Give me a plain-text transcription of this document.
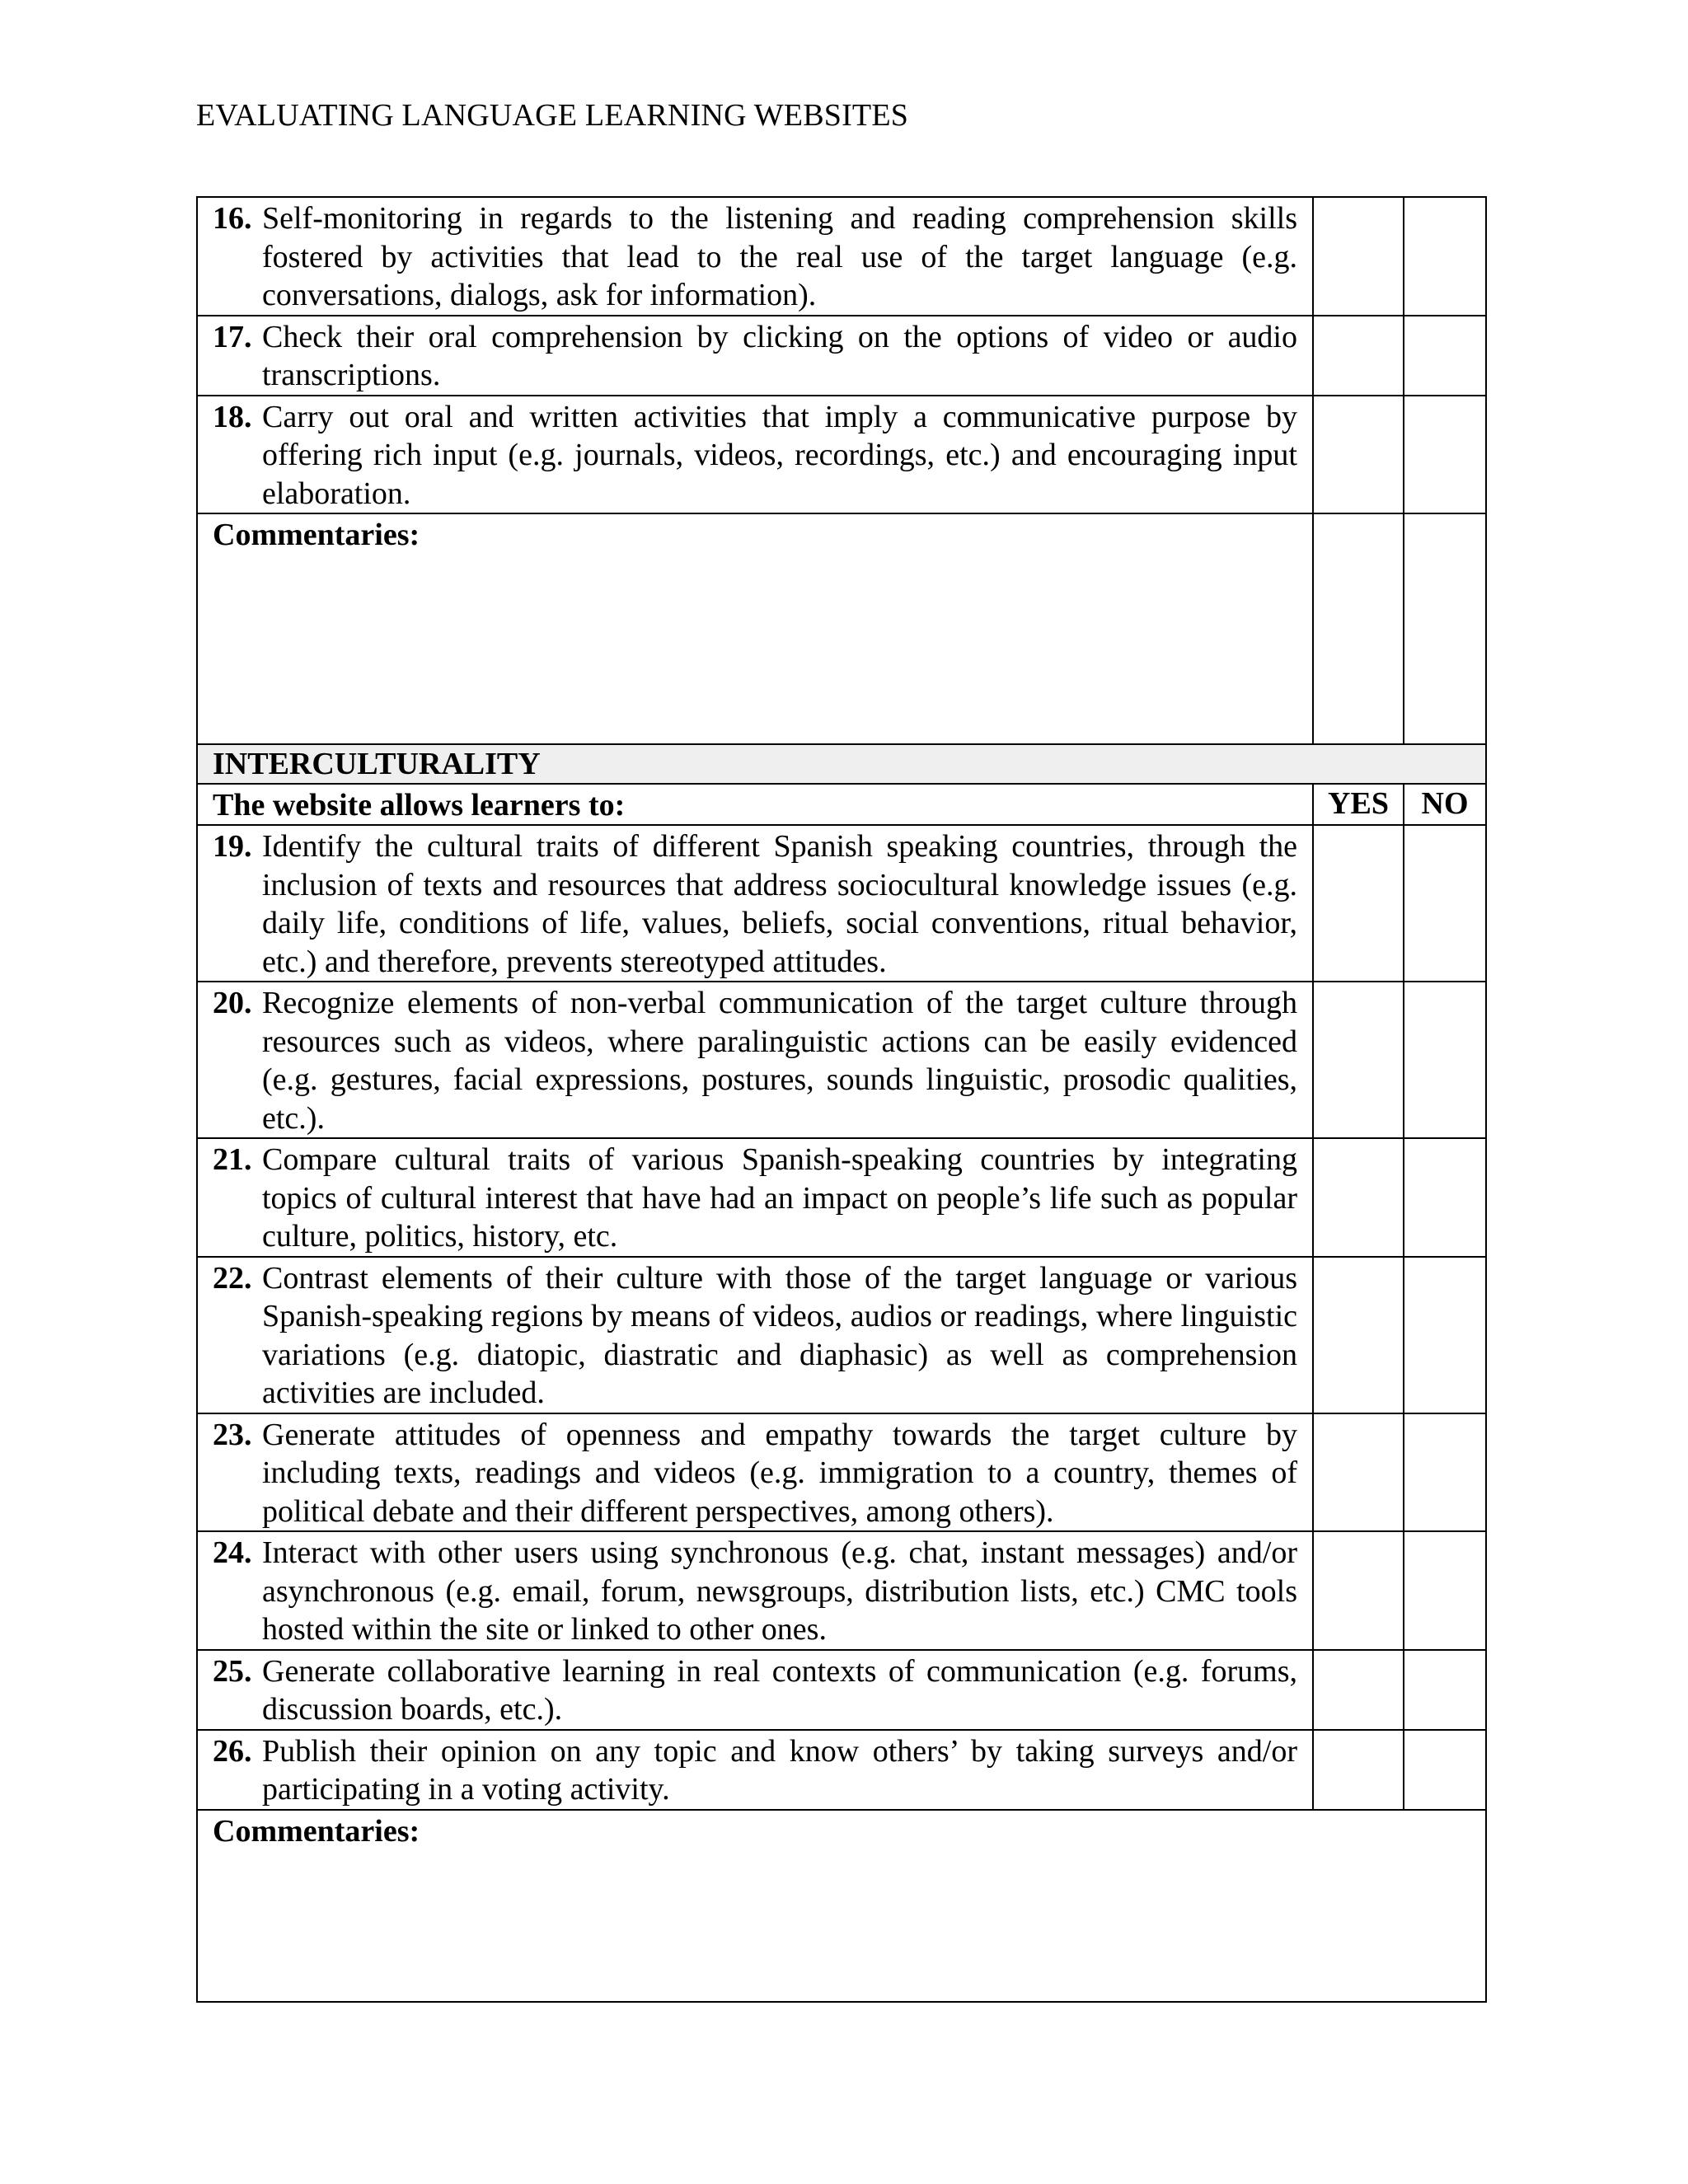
EVALUATING LANGUAGE LEARNING WEBSITES
16. Self-monitoring in regards to the listening and reading comprehension skills fostered by activities that lead to the real use of the target language (e.g. conversations, dialogs, ask for information).		

17. Check their oral comprehension by clicking on the options of video or audio transcriptions.		

18. Carry out oral and written activities that imply a communicative purpose by offering rich input (e.g. journals, videos, recordings, etc.) and encouraging input elaboration.		

Commentaries:		
INTERCULTURALITY		
The website allows learners to:	YES	NO

19. Identify the cultural traits of different Spanish speaking countries, through the inclusion of texts and resources that address sociocultural knowledge issues (e.g. daily life, conditions of life, values, beliefs, social conventions, ritual behavior, etc.) and therefore, prevents stereotyped attitudes.		

20. Recognize elements of non-verbal communication of the target culture through resources such as videos, where paralinguistic actions can be easily evidenced (e.g. gestures, facial expressions, postures, sounds linguistic, prosodic qualities, etc.).		

21. Compare cultural traits of various Spanish-speaking countries by integrating topics of cultural interest that have had an impact on people’s life such as popular culture, politics, history, etc.		

22. Contrast elements of their culture with those of the target language or various Spanish-speaking regions by means of videos, audios or readings, where linguistic variations (e.g. diatopic, diastratic and diaphasic) as well as comprehension activities are included.		

23. Generate attitudes of openness and empathy towards the target culture by including texts, readings and videos (e.g. immigration to a country, themes of political debate and their different perspectives, among others).		

24. Interact with other users using synchronous (e.g. chat, instant messages) and/or asynchronous (e.g. email, forum, newsgroups, distribution lists, etc.) CMC tools hosted within the site or linked to other ones.		

25. Generate collaborative learning in real contexts of communication (e.g. forums, discussion boards, etc.).		

26. Publish their opinion on any topic and know others’ by taking surveys and/or participating in a voting activity.		

Commentaries:		
